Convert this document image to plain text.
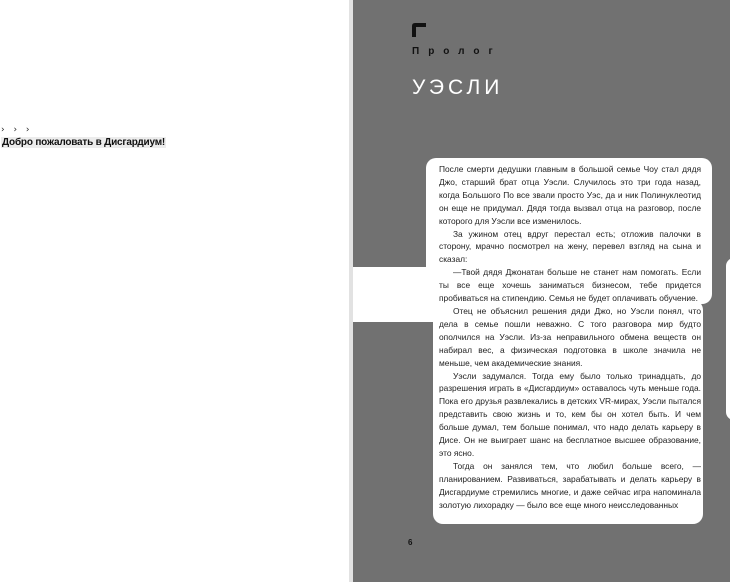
› › ›
Добро пожаловать в Дисгардиум!
Пролог
УЭСЛИ

После смерти дедушки главным в большой семье Чоу стал дядя Джо, старший брат отца Уэсли. Случилось это три года назад, когда Большого По все звали просто Уэс, да и ник Полинуклеотид он еще не придумал. Дядя тогда вызвал отца на разговор, после которого для Уэсли все изменилось.

За ужином отец вдруг перестал есть; отложив палочки в сторону, мрачно посмотрел на жену, перевел взгляд на сына и сказал:

—Твой дядя Джонатан больше не станет нам помогать. Если ты все еще хочешь заниматься бизнесом, тебе придется пробиваться на стипендию. Семья не будет оплачивать обучение.

Отец не объяснил решения дяди Джо, но Уэсли понял, что дела в семье пошли неважно. С того разговора мир будто ополчился на Уэсли. Из-за неправильного обмена веществ он набирал вес, а физическая подготовка в школе значила не меньше, чем академические знания.

Уэсли задумался. Тогда ему было только тринадцать, до разрешения играть в «Дисгардиум» оставалось чуть меньше года. Пока его друзья развлекались в детских VR-мирах, Уэсли пытался представить свою жизнь и то, кем бы он хотел быть. И чем больше думал, тем больше понимал, что надо делать карьеру в Дисе. Он не выиграет шанс на бесплатное высшее образование, это ясно.

Тогда он занялся тем, что любил больше всего, — планированием. Развиваться, зарабатывать и делать карьеру в Дисгардиуме стремились многие, и даже сейчас игра напоминала золотую лихорадку — было все еще много неисследованных

6
